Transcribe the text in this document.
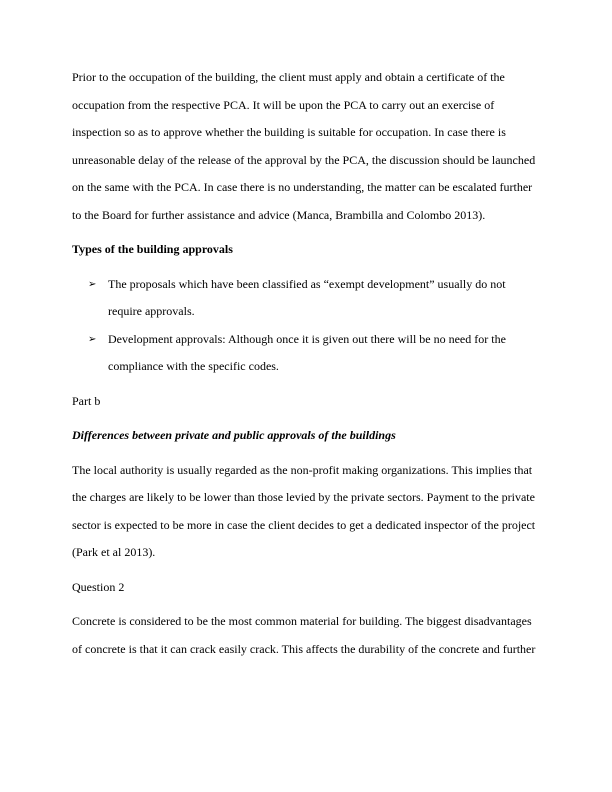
Prior to the occupation of the building, the client must apply and obtain a certificate of the occupation from the respective PCA. It will be upon the PCA to carry out an exercise of inspection so as to approve whether the building is suitable for occupation. In case there is unreasonable delay of the release of the approval by the PCA, the discussion should be launched on the same with the PCA. In case there is no understanding, the matter can be escalated further to the Board for further assistance and advice (Manca, Brambilla and Colombo 2013).

Types of the building approvals

➢ The proposals which have been classified as “exempt development” usually do not require approvals.
➢ Development approvals: Although once it is given out there will be no need for the compliance with the specific codes.

Part b

Differences between private and public approvals of the buildings

The local authority is usually regarded as the non-profit making organizations. This implies that the charges are likely to be lower than those levied by the private sectors. Payment to the private sector is expected to be more in case the client decides to get a dedicated inspector of the project (Park et al 2013).

Question 2

Concrete is considered to be the most common material for building. The biggest disadvantages of concrete is that it can crack easily crack. This affects the durability of the concrete and further
